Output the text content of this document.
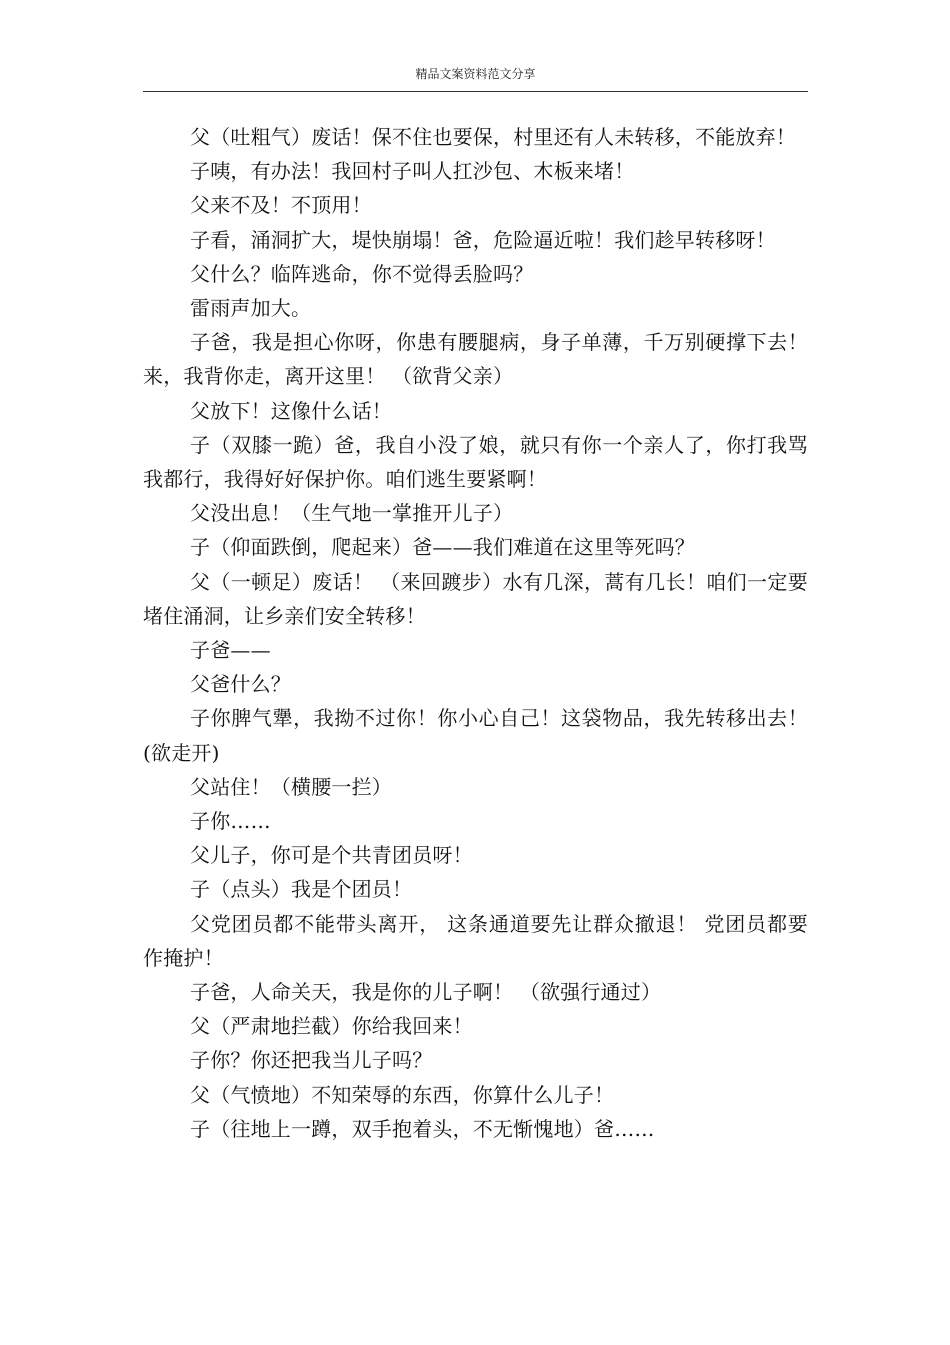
精品文案资料范文分享

父（吐粗气）废话！保不住也要保，村里还有人未转移，不能放弃！

子咦，有办法！我回村子叫人扛沙包、木板来堵！

父来不及！不顶用！

子看，涌洞扩大，堤快崩塌！爸，危险逼近啦！我们趁早转移呀！

父什么？临阵逃命，你不觉得丢脸吗？

雷雨声加大。

子爸，我是担心你呀，你患有腰腿病，身子单薄，千万别硬撑下去！来，我背你走，离开这里！ （欲背父亲）

父放下！这像什么话！

子（双膝一跪）爸，我自小没了娘，就只有你一个亲人了，你打我骂我都行，我得好好保护你。咱们逃生要紧啊！

父没出息！（生气地一掌推开儿子）

子（仰面跌倒，爬起来）爸——我们难道在这里等死吗？

父（一顿足）废话！ （来回踱步）水有几深，蒿有几长！咱们一定要堵住涌洞，让乡亲们安全转移！

子爸——

父爸什么？

子你脾气犟，我拗不过你！你小心自己！这袋物品，我先转移出去！(欲走开)

父站住！（横腰一拦）

子你……

父儿子，你可是个共青团员呀！

子（点头）我是个团员！

父党团员都不能带头离开， 这条通道要先让群众撤退！ 党团员都要作掩护！

子爸，人命关天，我是你的儿子啊！ （欲强行通过）

父（严肃地拦截）你给我回来！

子你？你还把我当儿子吗？

父（气愤地）不知荣辱的东西，你算什么儿子！

子（往地上一蹲，双手抱着头，不无惭愧地）爸……
